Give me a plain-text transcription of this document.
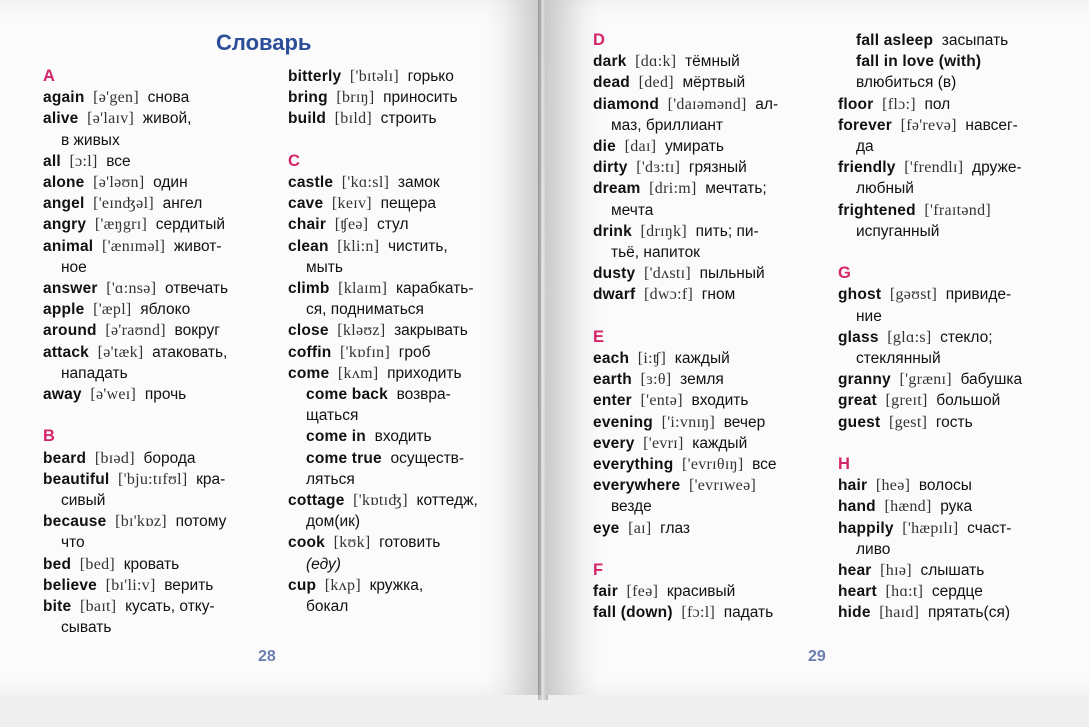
Словарь
A
again [ə'gen] снова
alive [ə'laɪv] живой,
в живых
all [ɔ:l] все
alone [ə'ləʊn] один
angel ['eɪnʤəl] ангел
angry ['æŋgrɪ] сердитый
animal ['ænɪməl] живот-
ное
answer ['ɑ:nsə] отвечать
apple ['æpl] яблоко
around [ə'raʊnd] вокруг
attack [ə'tæk] атаковать,
нападать
away [ə'weɪ] прочь
B
beard [bɪəd] борода
beautiful ['bju:tɪfʊl] кра-
сивый
because [bɪ'kɒz] потому
что
bed [bed] кровать
believe [bɪ'li:v] верить
bite [baɪt] кусать, отку-
сывать
bitterly ['bɪtəlɪ] горько
bring [brɪŋ] приносить
build [bɪld] строить
C
castle ['kɑ:sl] замок
cave [keɪv] пещера
chair [ʧeə] стул
clean [kli:n] чистить,
мыть
climb [klaɪm] карабкать-
ся, подниматься
close [kləʊz] закрывать
coffin ['kɒfɪn] гроб
come [kʌm] приходить
come back возвра-
щаться
come in входить
come true осуществ-
ляться
cottage ['kɒtɪʤ] коттедж,
дом(ик)
cook [kʊk] готовить
(еду)
cup [kʌp] кружка,
бокал
28
D
dark [dɑ:k] тёмный
dead [ded] мёртвый
diamond ['daɪəmənd] ал-
маз, бриллиант
die [daɪ] умирать
dirty ['dɜ:tɪ] грязный
dream [dri:m] мечтать;
мечта
drink [drɪŋk] пить; пи-
тьё, напиток
dusty ['dʌstɪ] пыльный
dwarf [dwɔ:f] гном
E
each [i:ʧ] каждый
earth [ɜ:θ] земля
enter ['entə] входить
evening ['i:vnɪŋ] вечер
every ['evrɪ] каждый
everything ['evrɪθɪŋ] все
everywhere ['evrɪweə]
везде
eye [aɪ] глаз
F
fair [feə] красивый
fall (down) [fɔ:l] падать
fall asleep засыпать
fall in love (with)
влюбиться (в)
floor [flɔ:] пол
forever [fə'revə] навсег-
да
friendly ['frendlɪ] друже-
любный
frightened ['fraɪtənd]
испуганный
G
ghost [gəʊst] привиде-
ние
glass [glɑ:s] стекло;
стеклянный
granny ['grænɪ] бабушка
great [greɪt] большой
guest [gest] гость
H
hair [heə] волосы
hand [hænd] рука
happily ['hæpɪlɪ] счаст-
ливо
hear [hɪə] слышать
heart [hɑ:t] сердце
hide [haɪd] прятать(ся)
29
